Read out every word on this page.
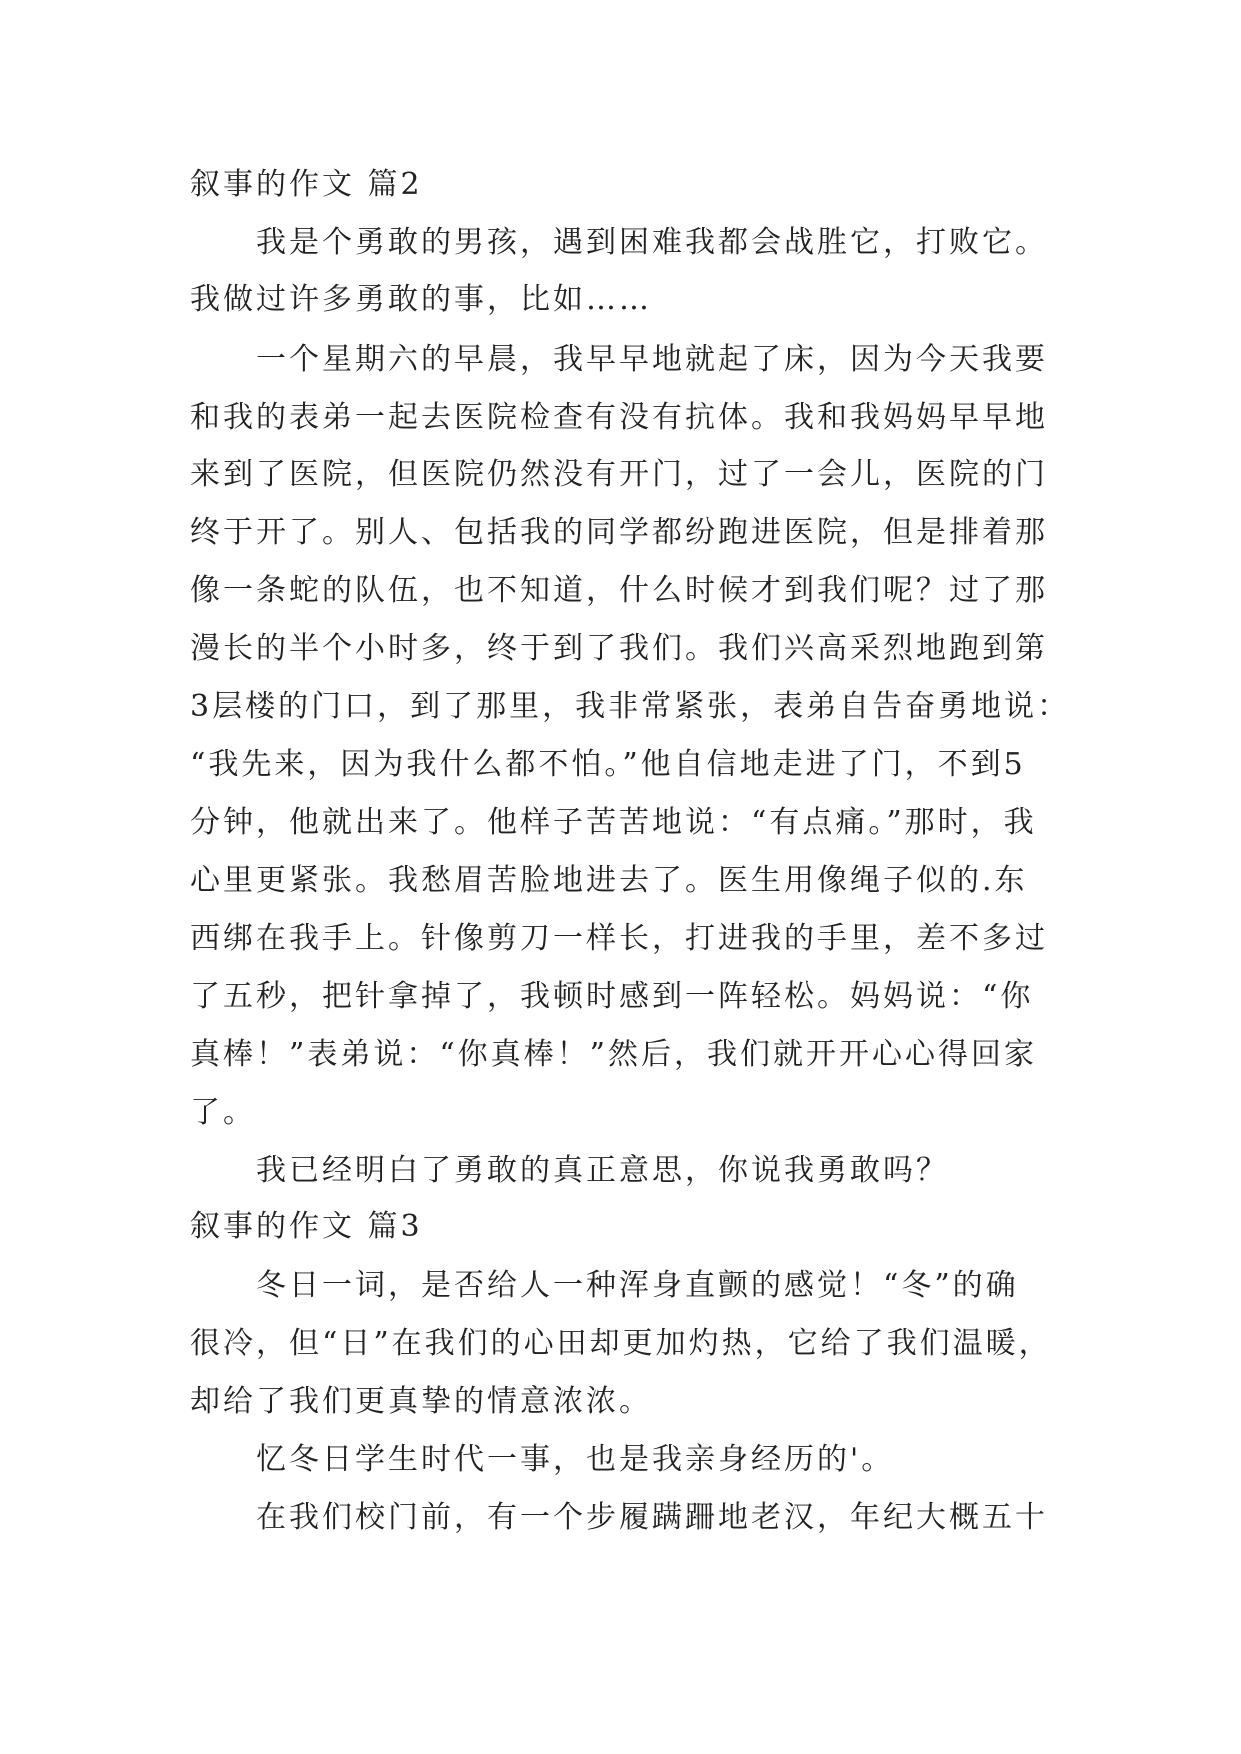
叙事的作文 篇2
我是个勇敢的男孩，遇到困难我都会战胜它，打败它。
我做过许多勇敢的事，比如……
一个星期六的早晨，我早早地就起了床，因为今天我要
和我的表弟一起去医院检查有没有抗体。我和我妈妈早早地
来到了医院，但医院仍然没有开门，过了一会儿，医院的门
终于开了。别人、包括我的同学都纷跑进医院，但是排着那
像一条蛇的队伍，也不知道，什么时候才到我们呢？过了那
漫长的半个小时多，终于到了我们。我们兴高采烈地跑到第
3层楼的门口，到了那里，我非常紧张，表弟自告奋勇地说：
“我先来，因为我什么都不怕。”他自信地走进了门，不到5
分钟，他就出来了。他样子苦苦地说：“有点痛。”那时，我
心里更紧张。我愁眉苦脸地进去了。医生用像绳子似的.东
西绑在我手上。针像剪刀一样长，打进我的手里，差不多过
了五秒，把针拿掉了，我顿时感到一阵轻松。妈妈说：“你
真棒！”表弟说：“你真棒！”然后，我们就开开心心得回家
了。
我已经明白了勇敢的真正意思，你说我勇敢吗？
叙事的作文 篇3
冬日一词，是否给人一种浑身直颤的感觉！“冬”的确
很冷，但“日”在我们的心田却更加灼热，它给了我们温暖，
却给了我们更真挚的情意浓浓。
忆冬日学生时代一事，也是我亲身经历的'。
在我们校门前，有一个步履蹒跚地老汉，年纪大概五十
